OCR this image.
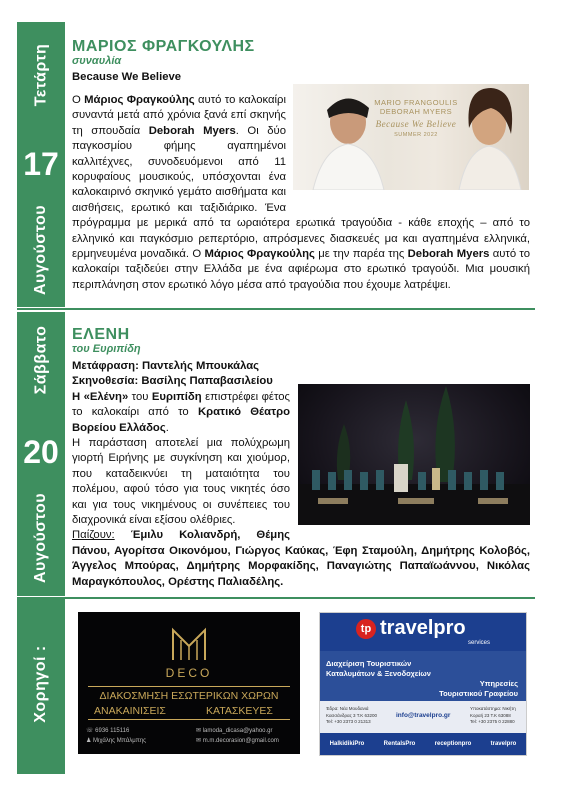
Τετάρτη
17
Αυγούστου
Σάββατο
20
Αυγούστου
Χορηγοί :
ΜΑΡΙΟΣ ΦΡΑΓΚΟΥΛΗΣ
συναυλία
Because We Believe
Ο Μάριος Φραγκούλης αυτό το καλοκαίρι συναντά μετά από χρόνια ξανά επί σκηνής τη σπουδαία Deborah Myers. Οι δύο παγκοσμίου φήμης αγαπημένοι καλλιτέχνες, συνοδευόμενοι από 11 κορυφαίους μουσικούς, υπόσχονται ένα καλοκαιρινό σκηνικό γεμάτο αισθήματα και αισθήσεις, ερωτικό και ταξιδιάρικο. Ένα πρόγραμμα με μερικά από τα ωραιότερα ερωτικά τραγούδια - κάθε εποχής – από το ελληνικό και παγκόσμιο ρεπερτόριο, απρόσμενες διασκευές μα και αγαπημένα ελληνικά, ερμηνευμένα μοναδικά. Ο Μάριος Φραγκούλης με την παρέα της Deborah Myers αυτό το καλοκαίρι ταξιδεύει στην Ελλάδα με ένα αφιέρωμα στο ερωτικό τραγούδι. Μια μουσική περιπλάνηση στον ερωτικό λόγο μέσα από τραγούδια που έχουμε λατρέψει.
MARIO FRANGOULIS
DEBORAH MYERS
Because We Believe
SUMMER 2022
ΕΛΕΝΗ
του Ευριπίδη
Μετάφραση: Παντελής Μπουκάλας
Σκηνοθεσία: Βασίλης Παπαβασιλείου
Η «Ελένη» του Ευριπίδη επιστρέφει φέτος το καλοκαίρι από το Κρατικό Θέατρο Βορείου Ελλάδος.
Η παράσταση αποτελεί μια πολύχρωμη γιορτή Ειρήνης με συγκίνηση και χιούμορ, που καταδεικνύει τη ματαιότητα του πολέμου, αφού τόσο για τους νικητές όσο και για τους νικημένους οι συνέπειες του διαχρονικά είναι εξίσου ολέθριες.
Παίζουν: Έμιλυ Κολιανδρή, Θέμης Πάνου, Αγορίτσα Οικονόμου, Γιώργος Καύκας, Έφη Σταμούλη, Δημήτρης Κολοβός, Άγγελος Μπούρας, Δημήτρης Μορφακίδης, Παναγιώτης Παπαϊωάννου, Νικόλας Μαραγκόπουλος, Ορέστης Παλιαδέλης.
DECO
ΔΙΑΚΟΣΜΗΣΗ ΕΣΩΤΕΡΙΚΩΝ ΧΩΡΩΝ
ΑΝΑΚΑΙΝΙΣΕΙΣ	ΚΑΤΑΣΚΕΥΕΣ
☏ 6936 115116
♟ Μιχάλης Μπάλμπης
✉ lamoda_dicasa@yahoo.gr
✉ m.m.decorasion@gmail.com
tp travelpro
services
Διαχείριση Τουριστικών
Καταλυμάτων & Ξενοδοχείων
Υπηρεσίες
Τουριστικού Γραφείου
Έδρα: Νέα Μουδανιά
Κασσάνδρας 3 Τ.Κ 63200
Tel: +30 2373 0 21313
info@travelpro.gr
Υποκατάστημα: Νικήτη
Κοραή 23 Τ.Κ 63088
Tel: +30 2375 0 22880
HalkidikiPro	RentalsPro	receptionpro	travelpro
